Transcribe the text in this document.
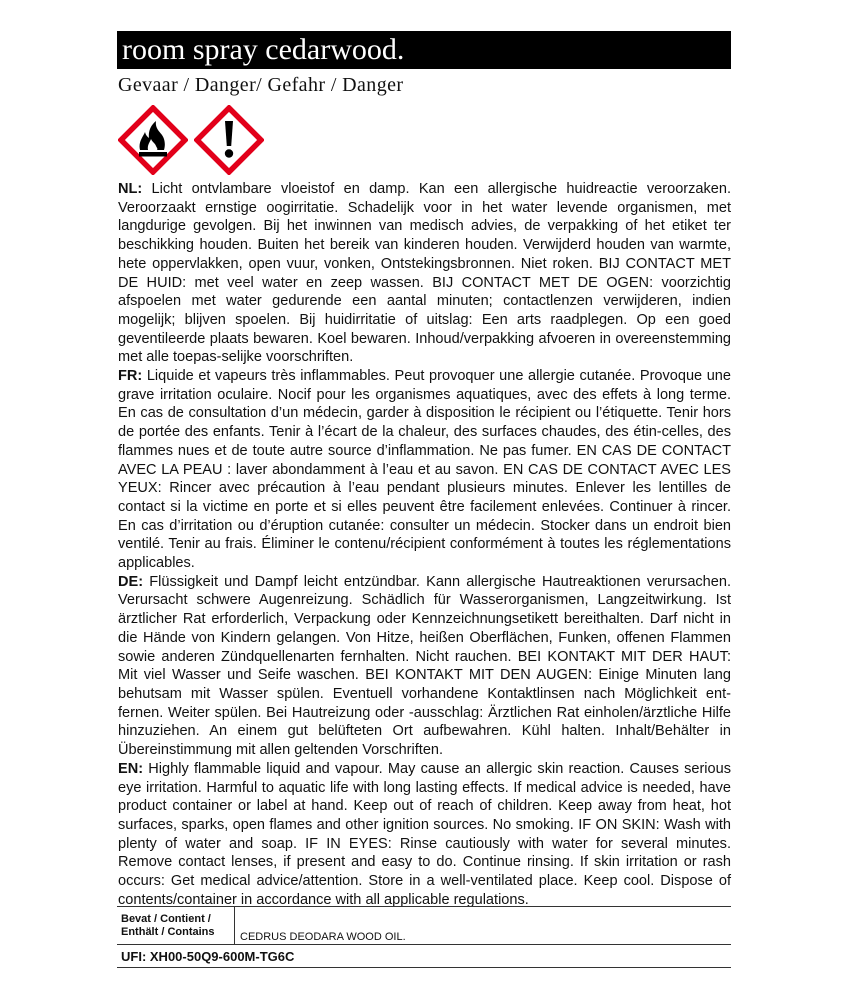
room spray cedarwood.
Gevaar / Danger/ Gefahr / Danger

NL: Licht ontvlambare vloeistof en damp. Kan een allergische huidreactie veroorzaken. Veroorzaakt ernstige oogirritatie. Schadelijk voor in het water levende organismen, met langdurige gevolgen. Bij het inwinnen van medisch advies, de verpakking of het etiket ter beschikking houden. Buiten het bereik van kinderen houden. Verwijderd houden van warmte, hete oppervlakken, open vuur, vonken, Ontstekingsbronnen. Niet roken. BIJ CONTACT MET DE HUID: met veel water en zeep wassen. BIJ CONTACT MET DE OGEN: voorzichtig afspoelen met water gedurende een aantal minuten; contactlenzen verwijderen, indien mogelijk; blijven spoelen. Bij huidirritatie of uitslag: Een arts raadplegen. Op een goed geventileerde plaats bewaren. Koel bewaren. Inhoud/verpakking afvoeren in overeenstemming met alle toepas-selijke voorschriften.

FR: Liquide et vapeurs très inflammables. Peut provoquer une allergie cutanée. Provoque une grave irritation oculaire. Nocif pour les organismes aquatiques, avec des effets à long terme. En cas de consultation d’un médecin, garder à disposition le récipient ou l’étiquette. Tenir hors de portée des enfants. Tenir à l’écart de la chaleur, des surfaces chaudes, des étin-celles, des flammes nues et de toute autre source d’inflammation. Ne pas fumer. EN CAS DE CONTACT AVEC LA PEAU : laver abondamment à l’eau et au savon. EN CAS DE CONTACT AVEC LES YEUX: Rincer avec précaution à l’eau pendant plusieurs minutes. Enlever les lentilles de contact si la victime en porte et si elles peuvent être facilement enlevées. Continuer à rincer. En cas d’irritation ou d’éruption cutanée: consulter un médecin. Stocker dans un endroit bien ventilé. Tenir au frais. Éliminer le contenu/récipient conformément à toutes les réglementations applicables.

DE: Flüssigkeit und Dampf leicht entzündbar. Kann allergische Hautreaktionen verursachen. Verursacht schwere Augenreizung. Schädlich für Wasserorganismen, Langzeitwirkung. Ist ärztlicher Rat erforderlich, Verpackung oder Kennzeichnungsetikett bereithalten. Darf nicht in die Hände von Kindern gelangen. Von Hitze, heißen Oberflächen, Funken, offenen Flammen sowie anderen Zündquellenarten fernhalten. Nicht rauchen. BEI KONTAKT MIT DER HAUT: Mit viel Wasser und Seife waschen. BEI KONTAKT MIT DEN AUGEN: Einige Minuten lang behutsam mit Wasser spülen. Eventuell vorhandene Kontaktlinsen nach Möglichkeit ent-fernen. Weiter spülen. Bei Hautreizung oder -ausschlag: Ärztlichen Rat einholen/ärztliche Hilfe hinzuziehen. An einem gut belüfteten Ort aufbewahren. Kühl halten. Inhalt/Behälter in Übereinstimmung mit allen geltenden Vorschriften.

EN: Highly flammable liquid and vapour. May cause an allergic skin reaction. Causes serious eye irritation. Harmful to aquatic life with long lasting effects. If medical advice is needed, have product container or label at hand. Keep out of reach of children. Keep away from heat, hot surfaces, sparks, open flames and other ignition sources. No smoking. IF ON SKIN: Wash with plenty of water and soap. IF IN EYES: Rinse cautiously with water for several minutes. Remove contact lenses, if present and easy to do. Continue rinsing. If skin irritation or rash occurs: Get medical advice/attention. Store in a well-ventilated place. Keep cool. Dispose of contents/container in accordance with all applicable regulations.

Bevat / Contient /
Enthält / Contains	CEDRUS DEODARA WOOD OIL.
UFI: XH00-50Q9-600M-TG6C
